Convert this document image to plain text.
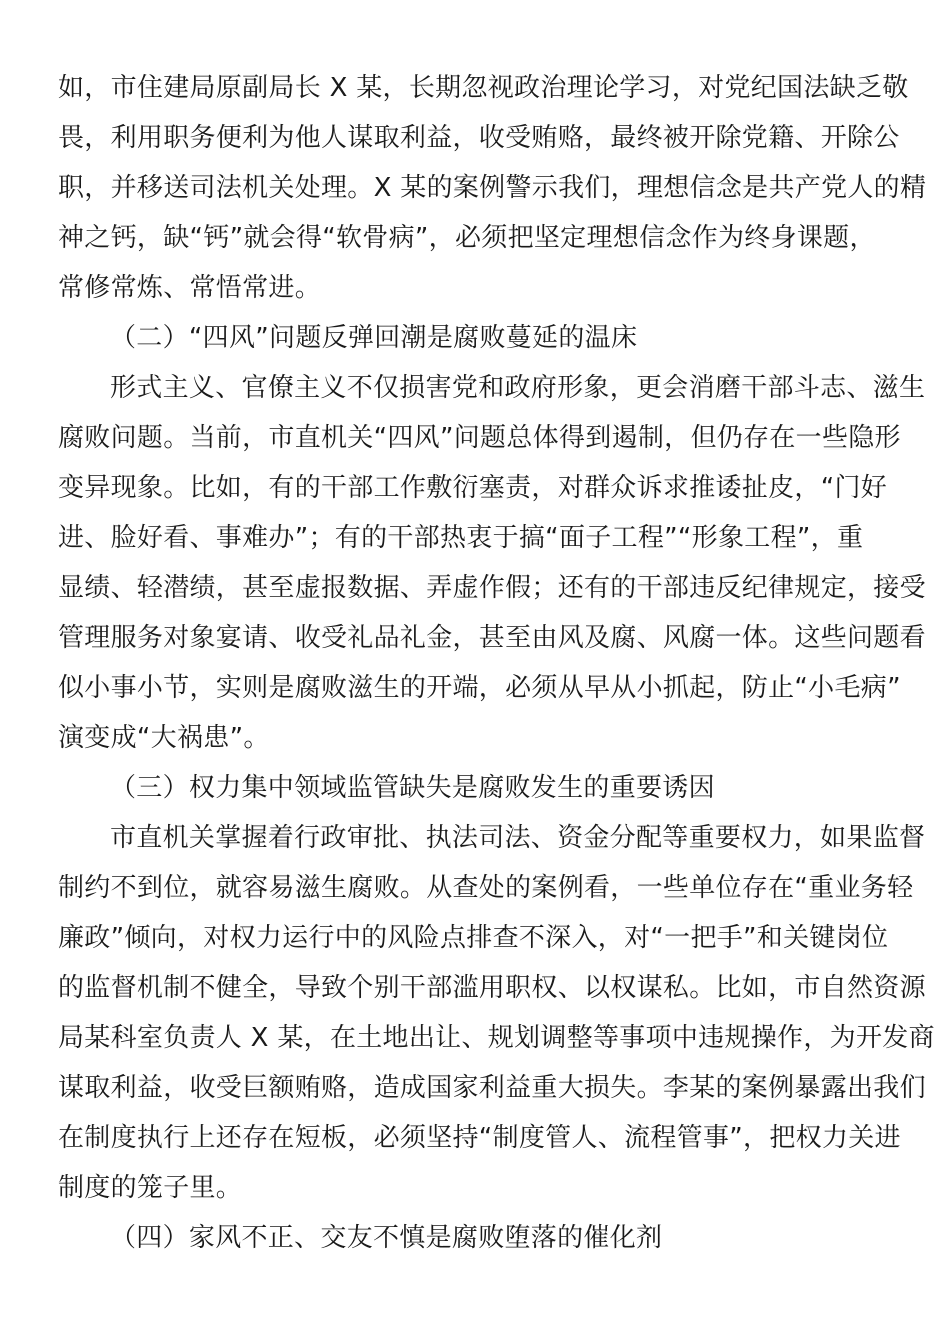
如，市住建局原副局长 X 某，长期忽视政治理论学习，对党纪国法缺乏敬
畏，利用职务便利为他人谋取利益，收受贿赂，最终被开除党籍、开除公
职，并移送司法机关处理。X 某的案例警示我们，理想信念是共产党人的精
神之钙，缺“钙”就会得“软骨病”，必须把坚定理想信念作为终身课题，
常修常炼、常悟常进。
（二）“四风”问题反弹回潮是腐败蔓延的温床
形式主义、官僚主义不仅损害党和政府形象，更会消磨干部斗志、滋生
腐败问题。当前，市直机关“四风”问题总体得到遏制，但仍存在一些隐形
变异现象。比如，有的干部工作敷衍塞责，对群众诉求推诿扯皮，“门好
进、脸好看、事难办”；有的干部热衷于搞“面子工程”“形象工程”，重
显绩、轻潜绩，甚至虚报数据、弄虚作假；还有的干部违反纪律规定，接受
管理服务对象宴请、收受礼品礼金，甚至由风及腐、风腐一体。这些问题看
似小事小节，实则是腐败滋生的开端，必须从早从小抓起，防止“小毛病”
演变成“大祸患”。
（三）权力集中领域监管缺失是腐败发生的重要诱因
市直机关掌握着行政审批、执法司法、资金分配等重要权力，如果监督
制约不到位，就容易滋生腐败。从查处的案例看，一些单位存在“重业务轻
廉政”倾向，对权力运行中的风险点排查不深入，对“一把手”和关键岗位
的监督机制不健全，导致个别干部滥用职权、以权谋私。比如，市自然资源
局某科室负责人 X 某，在土地出让、规划调整等事项中违规操作，为开发商
谋取利益，收受巨额贿赂，造成国家利益重大损失。李某的案例暴露出我们
在制度执行上还存在短板，必须坚持“制度管人、流程管事”，把权力关进
制度的笼子里。
（四）家风不正、交友不慎是腐败堕落的催化剂
